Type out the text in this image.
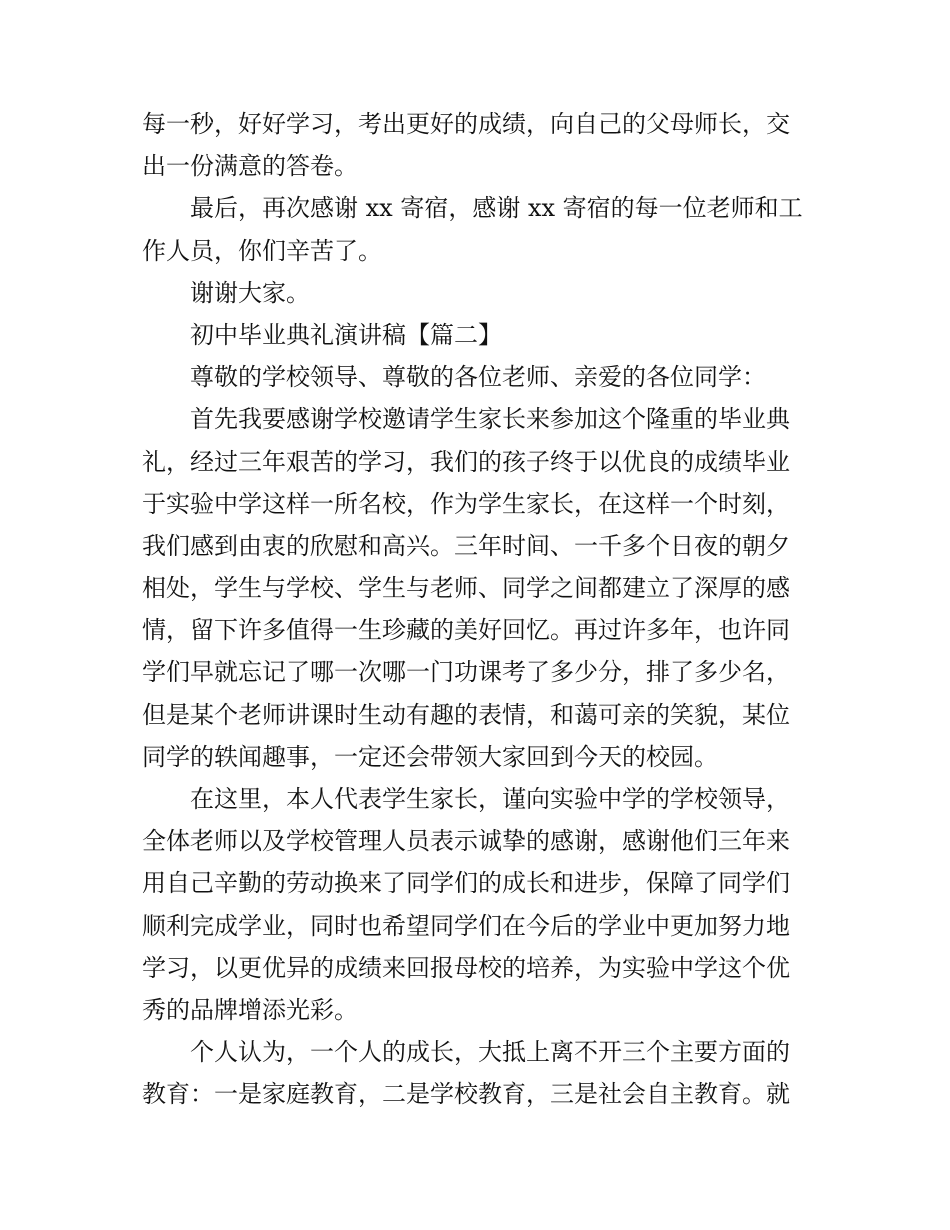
每一秒，好好学习，考出更好的成绩，向自己的父母师长，交
出一份满意的答卷。
最后，再次感谢 xx 寄宿，感谢 xx 寄宿的每一位老师和工
作人员，你们辛苦了。
谢谢大家。
初中毕业典礼演讲稿【篇二】
尊敬的学校领导、尊敬的各位老师、亲爱的各位同学：
首先我要感谢学校邀请学生家长来参加这个隆重的毕业典
礼，经过三年艰苦的学习，我们的孩子终于以优良的成绩毕业
于实验中学这样一所名校，作为学生家长，在这样一个时刻，
我们感到由衷的欣慰和高兴。三年时间、一千多个日夜的朝夕
相处，学生与学校、学生与老师、同学之间都建立了深厚的感
情，留下许多值得一生珍藏的美好回忆。再过许多年，也许同
学们早就忘记了哪一次哪一门功课考了多少分，排了多少名，
但是某个老师讲课时生动有趣的表情，和蔼可亲的笑貌，某位
同学的轶闻趣事，一定还会带领大家回到今天的校园。
在这里，本人代表学生家长，谨向实验中学的学校领导，
全体老师以及学校管理人员表示诚挚的感谢，感谢他们三年来
用自己辛勤的劳动换来了同学们的成长和进步，保障了同学们
顺利完成学业，同时也希望同学们在今后的学业中更加努力地
学习，以更优异的成绩来回报母校的培养，为实验中学这个优
秀的品牌增添光彩。
个人认为，一个人的成长，大抵上离不开三个主要方面的
教育：一是家庭教育，二是学校教育，三是社会自主教育。就
